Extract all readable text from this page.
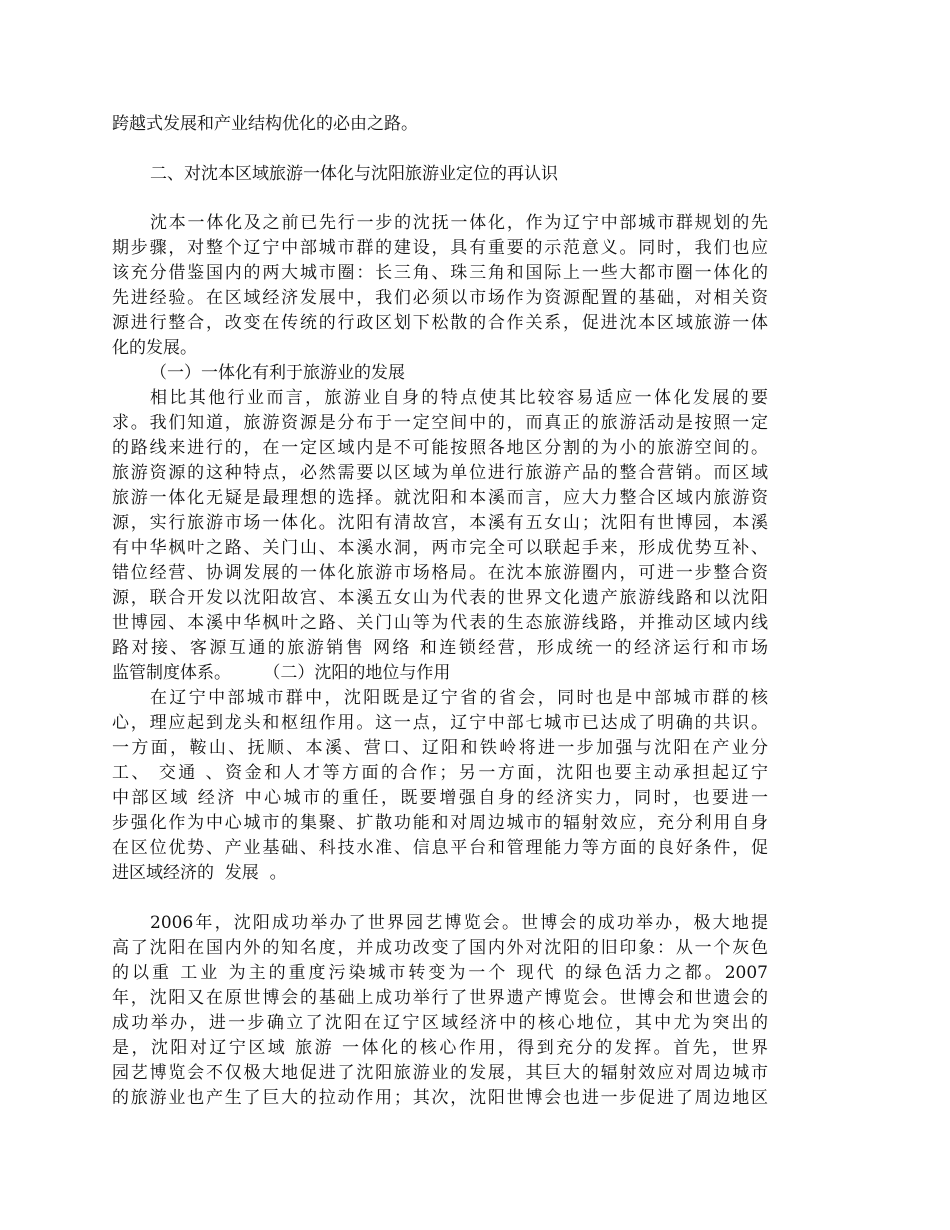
跨越式发展和产业结构优化的必由之路。
二、对沈本区域旅游一体化与沈阳旅游业定位的再认识
沈本一体化及之前已先行一步的沈抚一体化，作为辽宁中部城市群规划的先
期步骤，对整个辽宁中部城市群的建设，具有重要的示范意义。同时，我们也应
该充分借鉴国内的两大城市圈：长三角、珠三角和国际上一些大都市圈一体化的
先进经验。在区域经济发展中，我们必须以市场作为资源配置的基础，对相关资
源进行整合，改变在传统的行政区划下松散的合作关系，促进沈本区域旅游一体
化的发展。
（一）一体化有利于旅游业的发展
相比其他行业而言，旅游业自身的特点使其比较容易适应一体化发展的要
求。我们知道，旅游资源是分布于一定空间中的，而真正的旅游活动是按照一定
的路线来进行的，在一定区域内是不可能按照各地区分割的为小的旅游空间的。
旅游资源的这种特点，必然需要以区域为单位进行旅游产品的整合营销。而区域
旅游一体化无疑是最理想的选择。就沈阳和本溪而言，应大力整合区域内旅游资
源，实行旅游市场一体化。沈阳有清故宫，本溪有五女山；沈阳有世博园，本溪
有中华枫叶之路、关门山、本溪水洞，两市完全可以联起手来，形成优势互补、
错位经营、协调发展的一体化旅游市场格局。在沈本旅游圈内，可进一步整合资
源，联合开发以沈阳故宫、本溪五女山为代表的世界文化遗产旅游线路和以沈阳
世博园、本溪中华枫叶之路、关门山等为代表的生态旅游线路，并推动区域内线
路对接、客源互通的旅游销售 网络 和连锁经营，形成统一的经济运行和市场
监管制度体系。      （二）沈阳的地位与作用
在辽宁中部城市群中，沈阳既是辽宁省的省会，同时也是中部城市群的核
心，理应起到龙头和枢纽作用。这一点，辽宁中部七城市已达成了明确的共识。
一方面，鞍山、抚顺、本溪、营口、辽阳和铁岭将进一步加强与沈阳在产业分
工、 交通 、资金和人才等方面的合作；另一方面，沈阳也要主动承担起辽宁
中部区域 经济 中心城市的重任，既要增强自身的经济实力，同时，也要进一
步强化作为中心城市的集聚、扩散功能和对周边城市的辐射效应，充分利用自身
在区位优势、产业基础、科技水准、信息平台和管理能力等方面的良好条件，促
进区域经济的  发展  。
2006年，沈阳成功举办了世界园艺博览会。世博会的成功举办，极大地提
高了沈阳在国内外的知名度，并成功改变了国内外对沈阳的旧印象：从一个灰色
的以重 工业 为主的重度污染城市转变为一个 现代 的绿色活力之都。2007
年，沈阳又在原世博会的基础上成功举行了世界遗产博览会。世博会和世遗会的
成功举办，进一步确立了沈阳在辽宁区域经济中的核心地位，其中尤为突出的
是，沈阳对辽宁区域 旅游 一体化的核心作用，得到充分的发挥。首先，世界
园艺博览会不仅极大地促进了沈阳旅游业的发展，其巨大的辐射效应对周边城市
的旅游业也产生了巨大的拉动作用；其次，沈阳世博会也进一步促进了周边地区
